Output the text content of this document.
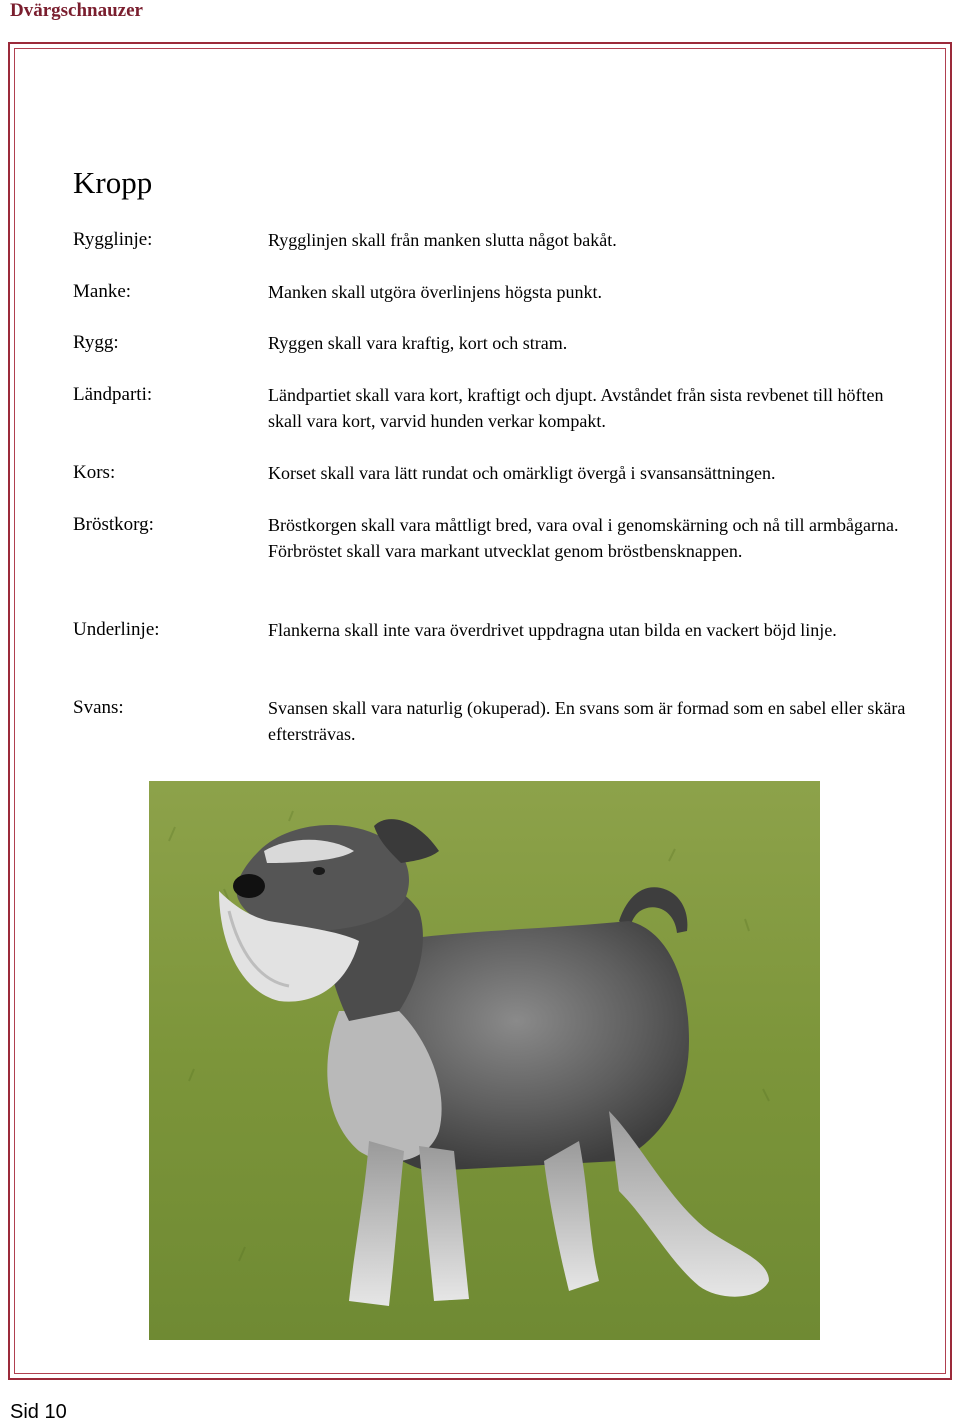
Dvärgschnauzer
Kropp
Rygglinje:	Rygglinjen skall från manken slutta något bakåt.
Manke:	Manken skall utgöra överlinjens högsta punkt.
Rygg:	Ryggen skall vara kraftig, kort och stram.
Ländparti:	Ländpartiet skall vara kort, kraftigt och djupt. Avståndet från sista revbenet till höften skall vara kort, varvid hunden verkar kompakt.
Kors:	Korset skall vara lätt rundat och omärkligt övergå i svansansättningen.
Bröstkorg:	Bröstkorgen skall vara måttligt bred, vara oval i genomskärning och nå till armbågarna. Förbröstet skall vara markant utvecklat genom bröstbensknappen.
Underlinje:	Flankerna skall inte vara överdrivet uppdragna utan bilda en vackert böjd linje.
Svans:	Svansen skall vara naturlig (okuperad). En svans som är formad som en sabel eller skära eftersträvas.
Sid 10
